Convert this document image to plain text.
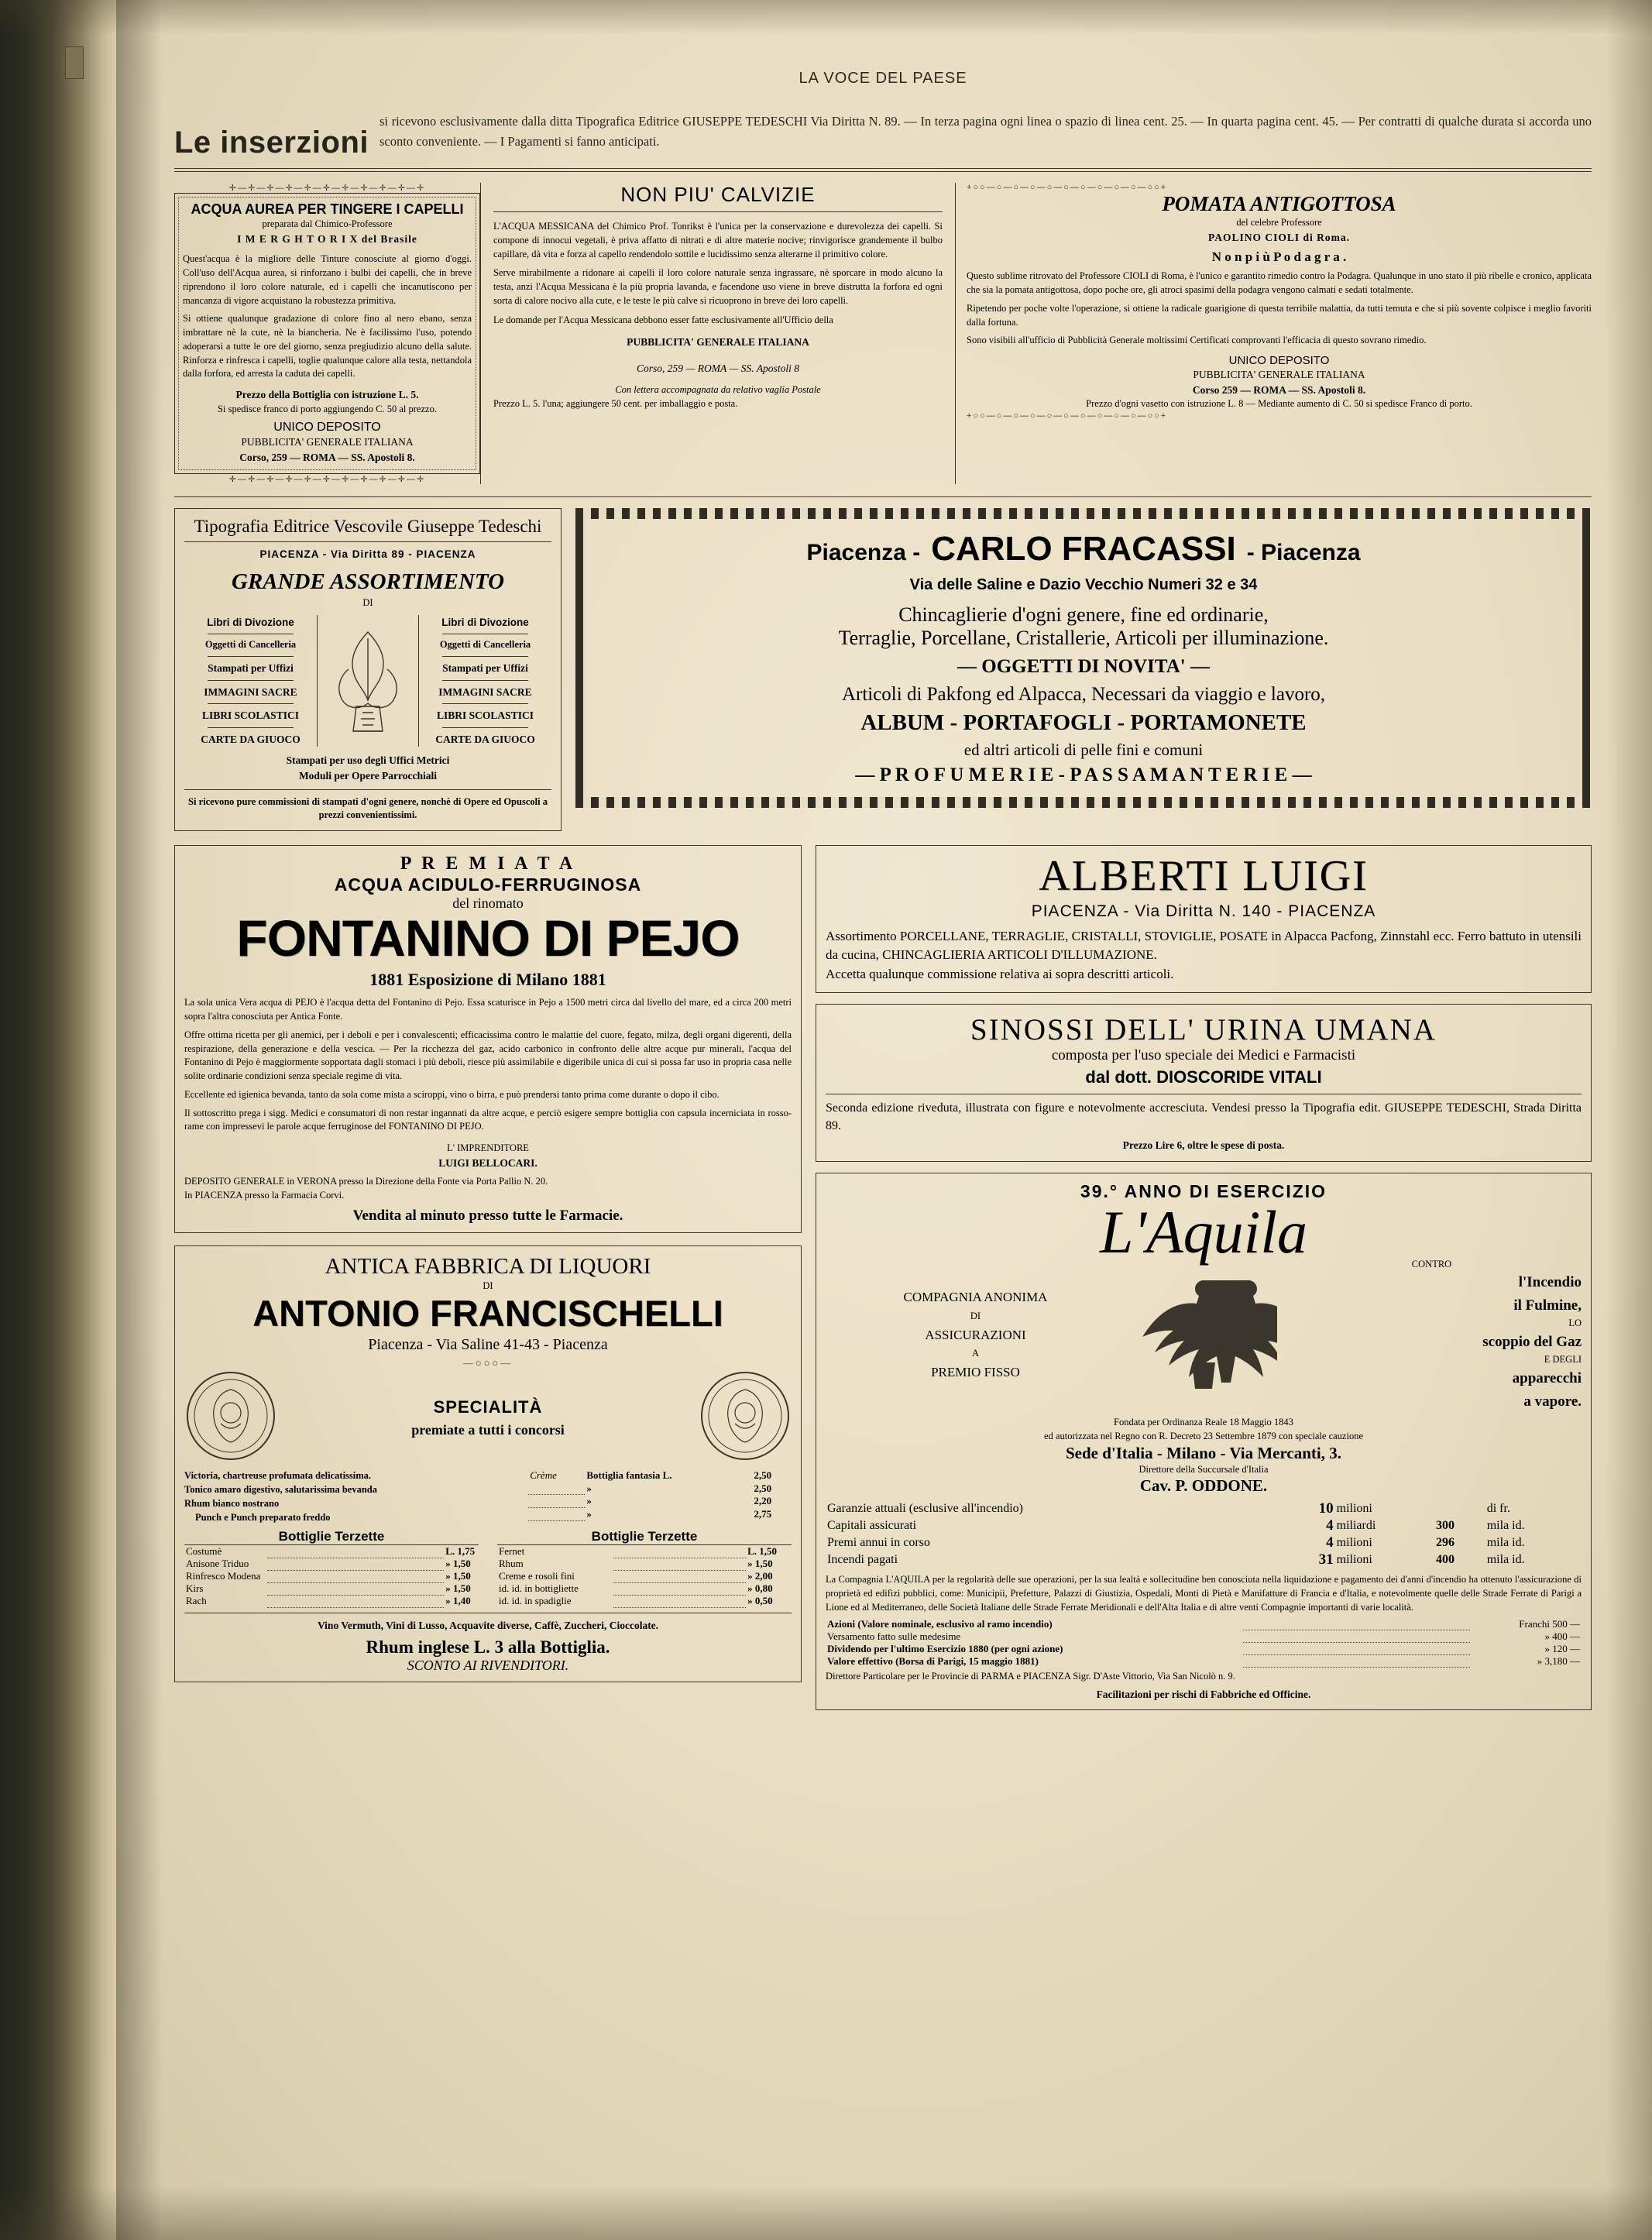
LA VOCE DEL PAESE
Le inserzioni
si ricevono esclusivamente dalla ditta Tipografica Editrice GIUSEPPE TEDESCHI Via Diritta N. 89. — In terza pagina ogni linea o spazio di linea cent. 25. — In quarta pagina cent. 45. — Per contratti di qualche durata si accorda uno sconto conveniente. — I Pagamenti si fanno anticipati.
✛—✛—✛—✛—✛—✛—✛—✛—✛—✛—✛
ACQUA AUREA PER TINGERE I CAPELLI
preparata dal Chimico-Professore
I M E R G H T O R I X del Brasile
Quest'acqua è la migliore delle Tinture conosciute al giorno d'oggi. Coll'uso dell'Acqua aurea, si rinforzano i bulbi dei capelli, che in breve riprendono il loro colore naturale, ed i capelli che incanutiscono per mancanza di vigore acquistano la robustezza primitiva.
Si ottiene qualunque gradazione di colore fino al nero ebano, senza imbrattare nè la cute, nè la biancheria. Ne è facilissimo l'uso, potendo adoperarsi a tutte le ore del giorno, senza pregiudizio alcuno della salute. Rinforza e rinfresca i capelli, toglie qualunque calore alla testa, nettandola dalla forfora, ed arresta la caduta dei capelli.
Prezzo della Bottiglia con istruzione L. 5.
Si spedisce franco di porto aggiungendo C. 50 al prezzo.
UNICO DEPOSITO
PUBBLICITA' GENERALE ITALIANA
Corso, 259 — ROMA — SS. Apostoli 8.
✛—✛—✛—✛—✛—✛—✛—✛—✛—✛—✛
NON PIU' CALVIZIE
L'ACQUA MESSICANA del Chimico Prof. Tonrikst è l'unica per la conservazione e durevolezza dei capelli. Si compone di innocui vegetali, è priva affatto di nitrati e di altre materie nocive; rinvigorisce grandemente il bulbo capillare, dà vita e forza al capello rendendolo sottile e lucidissimo senza alterarne il primitivo colore.
Serve mirabilmente a ridonare ai capelli il loro colore naturale senza ingrassare, nè sporcare in modo alcuno la testa, anzi l'Acqua Messicana è la più propria lavanda, e facendone uso viene in breve distrutta la forfora ed ogni sorta di calore nocivo alla cute, e le teste le più calve si ricuoprono in breve dei loro capelli.
Le domande per l'Acqua Messicana debbono esser fatte esclusivamente all'Ufficio della
PUBBLICITA' GENERALE ITALIANA
Corso, 259 — ROMA — SS. Apostoli 8
Con lettera accompagnata da relativo vaglia Postale
Prezzo L. 5. l'una; aggiungere 50 cent. per imballaggio e posta.
+○○—○—○—○—○—○—○—○—○—○—○○+
POMATA ANTIGOTTOSA
del celebre Professore
PAOLINO CIOLI di Roma.
N o n p i ù P o d a g r a .
Questo sublime ritrovato del Professore CIOLI di Roma, è l'unico e garantito rimedio contro la Podagra. Qualunque in uno stato il più ribelle e cronico, applicata che sia la pomata antigottosa, dopo poche ore, gli atroci spasimi della podagra vengono calmati e sedati totalmente.
Ripetendo per poche volte l'operazione, si ottiene la radicale guarigione di questa terribile malattia, da tutti temuta e che si più sovente colpisce i meglio favoriti dalla fortuna.
Sono visibili all'ufficio di Pubblicità Generale moltissimi Certificati comprovanti l'efficacia di questo sovrano rimedio.
UNICO DEPOSITO
PUBBLICITA' GENERALE ITALIANA
Corso 259 — ROMA — SS. Apostoli 8.
Prezzo d'ogni vasetto con istruzione L. 8 — Mediante aumento di C. 50 si spedisce Franco di porto.
+○○—○—○—○—○—○—○—○—○—○—○○+
Tipografia Editrice Vescovile Giuseppe Tedeschi
PIACENZA - Via Diritta 89 - PIACENZA
GRANDE ASSORTIMENTO
DI
Libri di Divozione
Oggetti di Cancelleria
Stampati per Uffizi
IMMAGINI SACRE
LIBRI SCOLASTICI
CARTE DA GIUOCO
Libri di Divozione
Oggetti di Cancelleria
Stampati per Uffizi
IMMAGINI SACRE
LIBRI SCOLASTICI
CARTE DA GIUOCO
Stampati per uso degli Uffici Metrici
Moduli per Opere Parrocchiali
Si ricevono pure commissioni di stampati d'ogni genere, nonchè di Opere ed Opuscoli a prezzi convenientissimi.
Piacenza - CARLO FRACASSI - Piacenza
Via delle Saline e Dazio Vecchio Numeri 32 e 34
Chincaglierie d'ogni genere, fine ed ordinarie,
Terraglie, Porcellane, Cristallerie, Articoli per illuminazione.
— OGGETTI DI NOVITA' —
Articoli di Pakfong ed Alpacca, Necessari da viaggio e lavoro,
ALBUM - PORTAFOGLI - PORTAMONETE
ed altri articoli di pelle fini e comuni
— P R O F U M E R I E - P A S S A M A N T E R I E —
P R E M I A T A
ACQUA ACIDULO-FERRUGINOSA
del rinomato
FONTANINO DI PEJO
1881 Esposizione di Milano 1881
La sola unica Vera acqua di PEJO è l'acqua detta del Fontanino di Pejo. Essa scaturisce in Pejo a 1500 metri circa dal livello del mare, ed a circa 200 metri sopra l'altra conosciuta per Antica Fonte.
Offre ottima ricetta per gli anemici, per i deboli e per i convalescenti; efficacissima contro le malattie del cuore, fegato, milza, degli organi digerenti, della respirazione, della generazione e della vescica. — Per la ricchezza del gaz, acido carbonico in confronto delle altre acque pur minerali, l'acqua del Fontanino di Pejo è maggiormente sopportata dagli stomaci i più deboli, riesce più assimilabile e digeribile unica di cui si possa far uso in propria casa nelle solite ordinarie condizioni senza speciale regime di vita.
Eccellente ed igienica bevanda, tanto da sola come mista a sciroppi, vino o birra, e può prendersi tanto prima come durante o dopo il cibo.
Il sottoscritto prega i sigg. Medici e consumatori di non restar ingannati da altre acque, e perciò esigere sempre bottiglia con capsula incerniciata in rosso-rame con impressevi le parole acque ferruginose del FONTANINO DI PEJO.
L' IMPRENDITORE
LUIGI BELLOCARI.
DEPOSITO GENERALE in VERONA presso la Direzione della Fonte via Porta Pallio N. 20.
In PIACENZA presso la Farmacia Corvi.
Vendita al minuto presso tutte le Farmacie.
ANTICA FABBRICA DI LIQUORI
DI
ANTONIO FRANCISCHELLI
Piacenza - Via Saline 41-43 - Piacenza
—○○○—
SPECIALITÀ
premiate a tutti i concorsi
Victoria, chartreuse profumata delicatissima.
Tonico amaro digestivo, salutarissima bevanda
Rhum bianco nostrano
Punch e Punch preparato freddo
Crème	Bottiglia fantasia L.	2,50
	»	2,50
	»	2,20
	»	2,75
Bottiglie Terzette
Costumè		L. 1,75
Anisone Triduo		» 1,50
Rinfresco Modena		» 1,50
Kirs		» 1,50
Rach		» 1,40
Bottiglie Terzette
Fernet		L. 1,50
Rhum		» 1,50
Creme e rosoli fini		» 2,00
id. id. in bottigliette		» 0,80
id. id. in spadiglie		» 0,50
Vino Vermuth, Vini di Lusso, Acquavite diverse, Caffè, Zuccheri, Cioccolate.
Rhum inglese L. 3 alla Bottiglia.
SCONTO AI RIVENDITORI.
ALBERTI LUIGI
PIACENZA - Via Diritta N. 140 - PIACENZA
Assortimento PORCELLANE, TERRAGLIE, CRISTALLI, STOVIGLIE, POSATE in Alpacca Pacfong, Zinnstahl ecc. Ferro battuto in utensili da cucina, CHINCAGLIERIA ARTICOLI D'ILLUMAZIONE.
Accetta qualunque commissione relativa ai sopra descritti articoli.
SINOSSI DELL' URINA UMANA
composta per l'uso speciale dei Medici e Farmacisti
dal dott. DIOSCORIDE VITALI
Seconda edizione riveduta, illustrata con figure e notevolmente accresciuta. Vendesi presso la Tipografia edit. GIUSEPPE TEDESCHI, Strada Diritta 89.
Prezzo Lire 6, oltre le spese di posta.
39.° ANNO DI ESERCIZIO
L'Aquila
COMPAGNIA ANONIMA
DI
ASSICURAZIONI
A
PREMIO FISSO
CONTRO
l'Incendio
il Fulmine,
LO
scoppio del Gaz
E DEGLI
apparecchi
a vapore.
Fondata per Ordinanza Reale 18 Maggio 1843
ed autorizzata nel Regno con R. Decreto 23 Settembre 1879 con speciale cauzione
Sede d'Italia - Milano - Via Mercanti, 3.
Direttore della Succursale d'Italia
Cav. P. ODDONE.
Garanzie attuali (esclusive all'incendio)	10	milioni		di fr.
Capitali assicurati	4	miliardi	300	mila id.
Premi annui in corso	4	milioni	296	mila id.
Incendi pagati	31	milioni	400	mila id.
La Compagnia L'AQUILA per la regolarità delle sue operazioni, per la sua lealtà e sollecitudine ben conosciuta nella liquidazione e pagamento dei d'anni d'incendio ha ottenuto l'assicurazione di proprietà ed edifizi pubblici, come: Municipii, Prefetture, Palazzi di Giustizia, Ospedali, Monti di Pietà e Manifatture di Francia e d'Italia, e notevolmente quelle delle Strade Ferrate di Parigi a Lione ed al Mediterraneo, delle Società Italiane delle Strade Ferrate Meridionali e dell'Alta Italia e di altre venti Compagnie importanti di varie località.
Azioni (Valore nominale, esclusivo al ramo incendio)		Franchi 500 —
Versamento fatto sulle medesime		» 400 —
Dividendo per l'ultimo Esercizio 1880 (per ogni azione)		» 120 —
Valore effettivo (Borsa di Parigi, 15 maggio 1881)		» 3,180 —
Direttore Particolare per le Provincie di PARMA e PIACENZA Sigr. D'Aste Vittorio, Via San Nicolò n. 9.
Facilitazioni per rischi di Fabbriche ed Officine.
